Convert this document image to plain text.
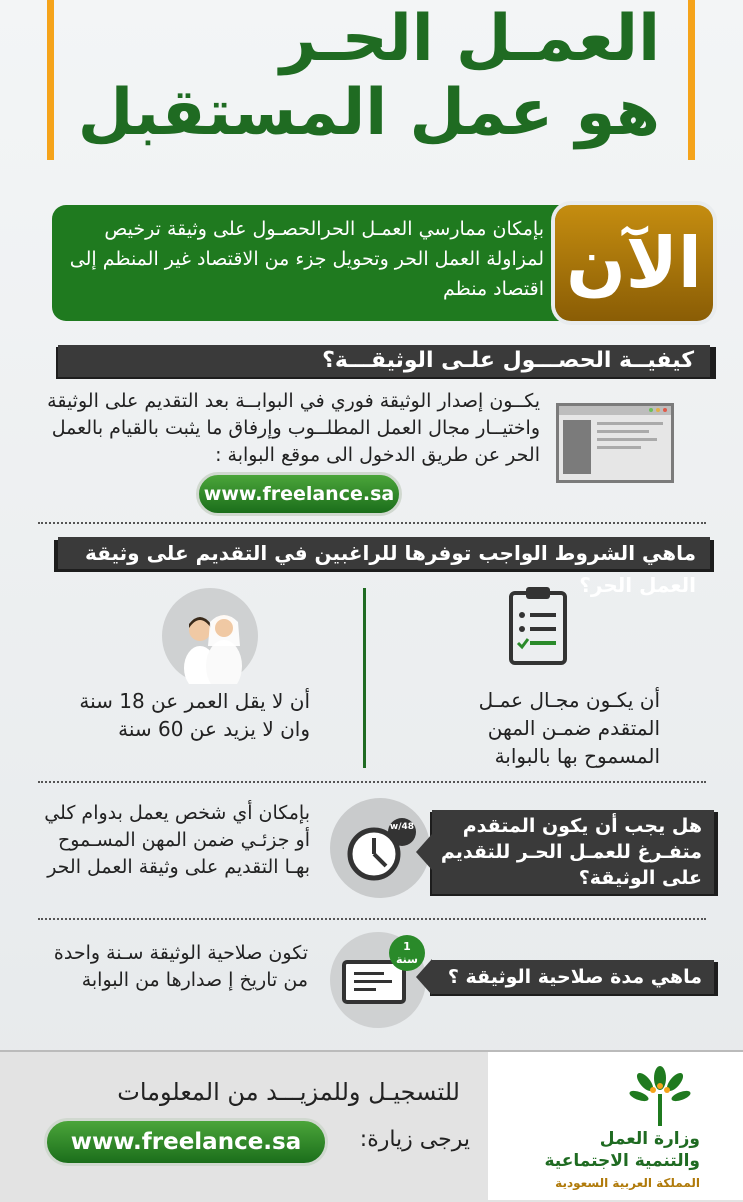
العمـل الحـر
هو عمل المستقبل
بإمكان ممارسي العمـل الحرالحصـول على وثيقة ترخيص لمزاولة العمل الحر وتحويل جزء من الاقتصاد غير المنظم إلى اقتصاد منظم الآن
كيفيــة الحصـــول علـى الوثيقـــة؟
يكــون إصدار الوثيقة فوري في البوابــة بعد التقديم على الوثيقة واختيــار مجال العمل المطلــوب وإرفاق ما يثبت بالقيام بالعمل الحر عن طريق الدخول الى موقع البوابة :
www.freelance.sa
ماهي الشروط الواجب توفرها للراغبين في التقديم على وثيقة العمل الحر؟
أن لا يقل العمر عن 18 سنة وان لا يزيد عن 60 سنة
أن يكـون مجـال عمـل المتقدم ضمـن المهن المسموح بها بالبوابة
بإمكان أي شخص يعمل بدوام كلي أو جزئـي ضمن المهن المسـموح بهـا التقديم على وثيقة العمل الحر
w/48	هل يجب أن يكون المتقدم متفـرغ للعمـل الحـر للتقديم على الوثيقة؟
تكون صلاحية الوثيقة سـنة واحدة من تاريخ إ صدارها من البوابة
1
سنة
ماهي مدة صلاحية الوثيقة ؟
للتسجيـل وللمزيـــد من المعلومات
يرجى زيارة:
www.freelance.sa	وزارة العمل
والتنمية الاجتماعية
المملكة العربية السعودية
